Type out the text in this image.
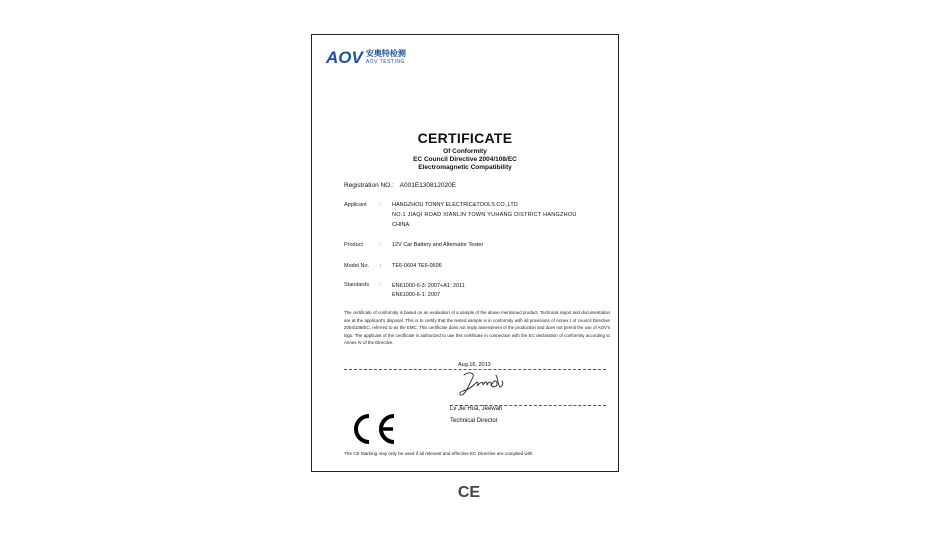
AOV 安奥特检测
AOV TESTING
CERTIFICATE
Of Conformity
EC Council Directive 2004/108/EC
Electromagnetic Compatibility
Registration NO.: A001E130812020E
Applicant : HANGZHOU TONNY ELECTRIC&TOOLS CO.,LTD
NO.1 JIAQI ROAD XIANLIN TOWN YUHANG DISTRICT HANGZHOU
CHINA.
Product	: 12V Car Battery and Alternator Tester
Model No. : TE6-0604 TE6-0606
Standards : EN61000-6-3: 2007+A1: 2011
EN61000-6-1: 2007
The certificate of conformity is based on an evaluation of a sample of the above mentioned product. Technical report and documentation are at the applicant's disposal. This is to certify that the tested sample is in conformity with all provisions of Annex I of council Directive 2004/108/EC, referred to as the EMC. This certificate does not imply assessment of the production and does not permit the use of AOV's logo. The applicant of the certificate is authorized to use this certificate in connection with the EC declaration of conformity according to Annex IV of the Directive.
Aug.16, 2013
Lv Jie Hua, Jeewah
Technical Director
The CE Marking may only be used if all relevant and effective EC Directive are complied with
CE
